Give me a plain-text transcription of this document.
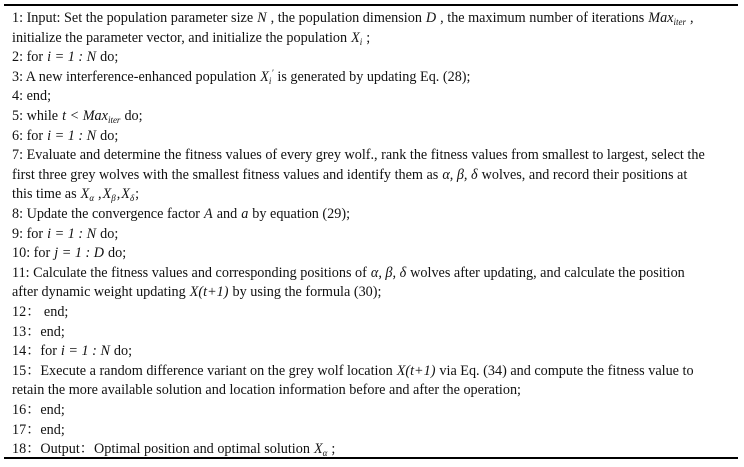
1: Input: Set the population parameter size N , the population dimension D , the maximum number of iterations Max$_{iter}$ ,
initialize the parameter vector, and initialize the population $X_i$ ;
2: for i = 1 : N do;
3: A new interference-enhanced population $X_i'$ is generated by updating Eq. (28);
4: end;
5: while t < Max$_{iter}$ do;
6: for i = 1 : N do;
7: Evaluate and determine the fitness values of every grey wolf., rank the fitness values from smallest to largest, select the
first three grey wolves with the smallest fitness values and identify them as α, β, δ wolves, and record their positions at
this time as $X_\alpha$ $,X_\beta,X_\delta$;
8: Update the convergence factor A and a by equation (29);
9: for i = 1 : N do;
10: for j = 1 : D do;
11: Calculate the fitness values and corresponding positions of α, β, δ wolves after updating, and calculate the position
after dynamic weight updating X(t+1) by using the formula (30);
12： end;
13：end;
14：for i = 1 : N do;
15：Execute a random difference variant on the grey wolf location X(t+1) via Eq. (34) and compute the fitness value to
retain the more available solution and location information before and after the operation;
16：end;
17：end;
18：Output：Optimal position and optimal solution $X_\alpha$ ;
